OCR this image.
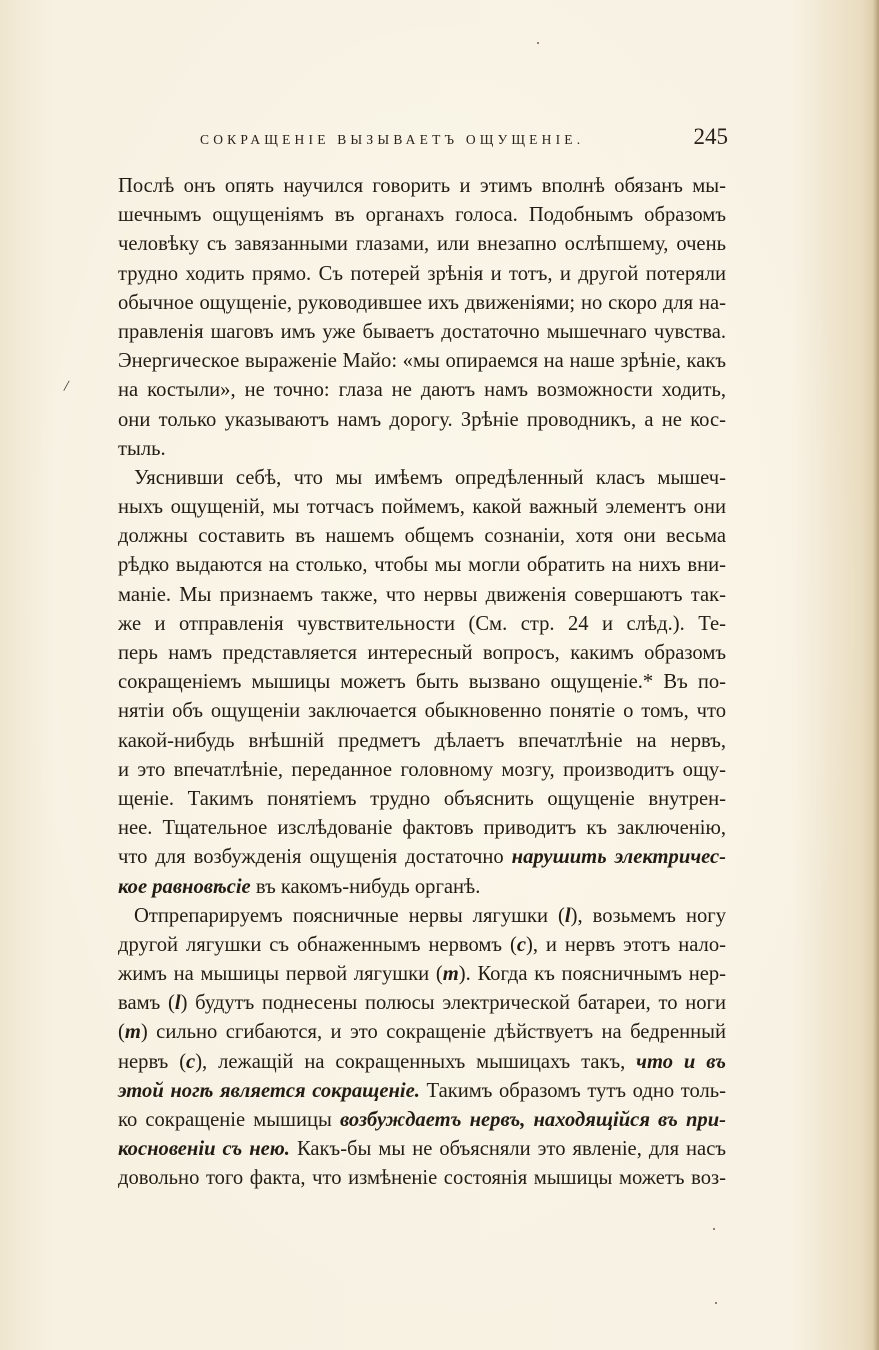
СОКРАЩЕНІЕ ВЫЗЫВАЕТЪ ОЩУЩЕНІЕ.	245
/

Послѣ онъ опять научился говорить и этимъ вполнѣ обязанъ мы-
шечнымъ ощущеніямъ въ органахъ голоса. Подобнымъ образомъ
человѣку съ завязанными глазами, или внезапно ослѣпшему, очень
трудно ходить прямо. Съ потерей зрѣнія и тотъ, и другой потеряли
обычное ощущеніе, руководившее ихъ движеніями; но скоро для на-
правленія шаговъ имъ уже бываетъ достаточно мышечнаго чувства.
Энергическое выраженіе Майо: «мы опираемся на наше зрѣніе, какъ
на костыли», не точно: глаза не даютъ намъ возможности ходить,
они только указываютъ намъ дорогу. Зрѣніе проводникъ, а не кос-
тыль.

Уяснивши себѣ, что мы имѣемъ опредѣленный класъ мышеч-
ныхъ ощущеній, мы тотчасъ поймемъ, какой важный элементъ они
должны составить въ нашемъ общемъ сознаніи, хотя они весьма
рѣдко выдаются на столько, чтобы мы могли обратить на нихъ вни-
маніе. Мы признаемъ также, что нервы движенія совершаютъ так-
же и отправленія чувствительности (См. стр. 24 и слѣд.). Те-
перь намъ представляется интересный вопросъ, какимъ образомъ
сокращеніемъ мышицы можетъ быть вызвано ощущеніе.* Въ по-
нятіи объ ощущеніи заключается обыкновенно понятіе о томъ, что
какой-нибудь внѣшній предметъ дѣлаетъ впечатлѣніе на нервъ,
и это впечатлѣніе, переданное головному мозгу, производитъ ощу-
щеніе. Такимъ понятіемъ трудно объяснить ощущеніе внутрен-
нее. Тщательное изслѣдованіе фактовъ приводитъ къ заключенію,
что для возбужденія ощущенія достаточно нарушить электричес-
кое равновѣсіе въ какомъ-нибудь органѣ.

Отпрепарируемъ поясничные нервы лягушки (l), возьмемъ ногу
другой лягушки съ обнаженнымъ нервомъ (c), и нервъ этотъ нало-
жимъ на мышицы первой лягушки (m). Когда къ поясничнымъ нер-
вамъ (l) будутъ поднесены полюсы электрической батареи, то ноги
(m) сильно сгибаются, и это сокращеніе дѣйствуетъ на бедренный
нервъ (c), лежащій на сокращенныхъ мышицахъ такъ, что и въ
этой ногѣ является сокращеніе. Такимъ образомъ тутъ одно толь-
ко сокращеніе мышицы возбуждаетъ нервъ, находящійся въ при-
косновеніи съ нею. Какъ-бы мы не объясняли это явленіе, для насъ
довольно того факта, что измѣненіе состоянія мышицы можетъ воз-
